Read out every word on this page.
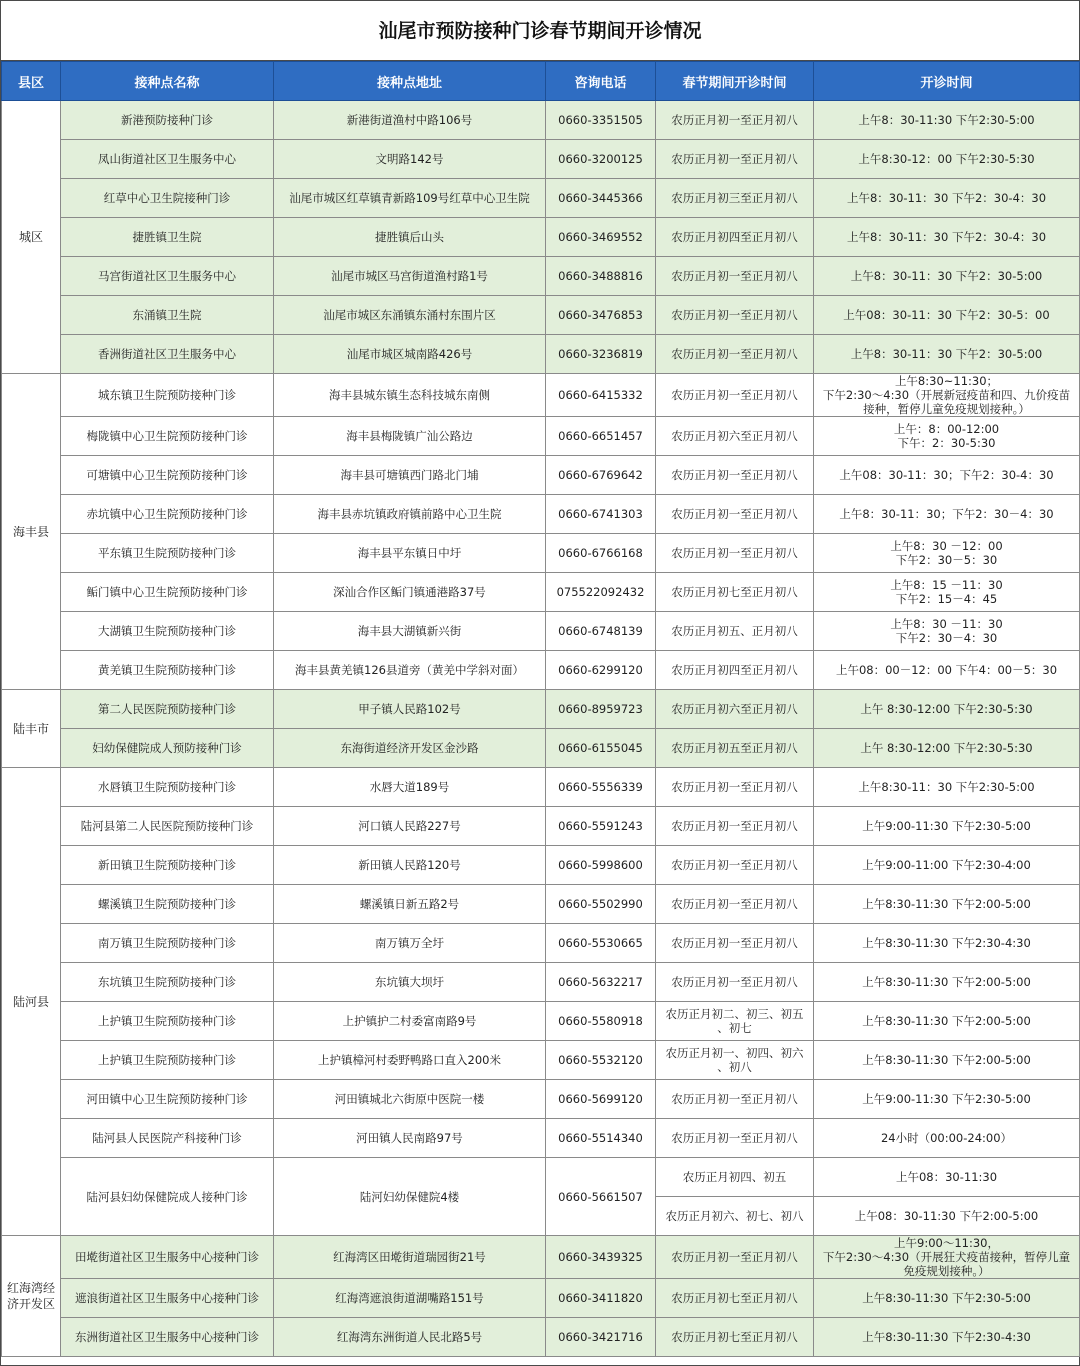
汕尾市预防接种门诊春节期间开诊情况
县区	接种点名称	接种点地址	咨询电话	春节期间开诊时间	开诊时间
城区	新港预防接种门诊	新港街道渔村中路106号	0660-3351505	农历正月初一至正月初八	上午8：30-11:30 下午2:30-5:00
	凤山街道社区卫生服务中心	文明路142号	0660-3200125	农历正月初一至正月初八	上午8:30-12：00 下午2:30-5:30
	红草中心卫生院接种门诊	汕尾市城区红草镇青新路109号红草中心卫生院	0660-3445366	农历正月初三至正月初八	上午8：30-11：30 下午2：30-4：30
	捷胜镇卫生院	捷胜镇后山头	0660-3469552	农历正月初四至正月初八	上午8：30-11：30 下午2：30-4：30
	马宫街道社区卫生服务中心	汕尾市城区马宫街道渔村路1号	0660-3488816	农历正月初一至正月初八	上午8：30-11：30 下午2：30-5:00
	东涌镇卫生院	汕尾市城区东涌镇东涌村东围片区	0660-3476853	农历正月初一至正月初八	上午08：30-11：30 下午2：30-5：00
	香洲街道社区卫生服务中心	汕尾市城区城南路426号	0660-3236819	农历正月初一至正月初八	上午8：30-11：30 下午2：30-5:00
海丰县	城东镇卫生院预防接种门诊	海丰县城东镇生态科技城东南侧	0660-6415332	农历正月初一至正月初八	上午8:30~11:30；
下午2:30～4:30（开展新冠疫苗和四、九价疫苗
接种，暂停儿童免疫规划接种。）

	梅陇镇中心卫生院预防接种门诊	海丰县梅陇镇广汕公路边	0660-6651457	农历正月初六至正月初八	上午：8：00-12:00
下午：2：30-5:30

	可塘镇中心卫生院预防接种门诊	海丰县可塘镇西门路北门埔	0660-6769642	农历正月初一至正月初八	上午08：30-11：30；下午2：30-4：30
	赤坑镇中心卫生院预防接种门诊	海丰县赤坑镇政府镇前路中心卫生院	0660-6741303	农历正月初一至正月初八	上午8：30-11：30；下午2：30－4：30
	平东镇卫生院预防接种门诊	海丰县平东镇日中圩	0660-6766168	农历正月初一至正月初八	上午8：30 －12：00
下午2：30－5：30

	鲘门镇中心卫生院预防接种门诊	深汕合作区鲘门镇通港路37号	075522092432	农历正月初七至正月初八	上午8：15 －11：30
下午2：15－4：45

	大湖镇卫生院预防接种门诊	海丰县大湖镇新兴街	0660-6748139	农历正月初五、正月初八	上午8：30 －11：30
下午2：30－4：30

	黄羌镇卫生院预防接种门诊	海丰县黄羌镇126县道旁（黄羌中学斜对面）	0660-6299120	农历正月初四至正月初八	上午08：00－12：00 下午4：00－5：30
陆丰市	第二人民医院预防接种门诊	甲子镇人民路102号	0660-8959723	农历正月初六至正月初八	上午 8:30-12:00 下午2:30-5:30
	妇幼保健院成人预防接种门诊	东海街道经济开发区金沙路	0660-6155045	农历正月初五至正月初八	上午 8:30-12:00 下午2:30-5:30
陆河县	水唇镇卫生院预防接种门诊	水唇大道189号	0660-5556339	农历正月初一至正月初八	上午8:30-11：30 下午2:30-5:00
	陆河县第二人民医院预防接种门诊	河口镇人民路227号	0660-5591243	农历正月初一至正月初八	上午9:00-11:30 下午2:30-5:00
	新田镇卫生院预防接种门诊	新田镇人民路120号	0660-5998600	农历正月初一至正月初八	上午9:00-11:00 下午2:30-4:00
	螺溪镇卫生院预防接种门诊	螺溪镇日新五路2号	0660-5502990	农历正月初一至正月初八	上午8:30-11:30 下午2:00-5:00
	南万镇卫生院预防接种门诊	南万镇万全圩	0660-5530665	农历正月初一至正月初八	上午8:30-11:30 下午2:30-4:30
	东坑镇卫生院预防接种门诊	东坑镇大坝圩	0660-5632217	农历正月初一至正月初八	上午8:30-11:30 下午2:00-5:00
	上护镇卫生院预防接种门诊	上护镇护二村委富南路9号	0660-5580918	农历正月初二、初三、初五
、初七	上午8:30-11:30 下午2:00-5:00
	上护镇卫生院预防接种门诊	上护镇樟河村委野鸭路口直入200米	0660-5532120	农历正月初一、初四、初六
、初八	上午8:30-11:30 下午2:00-5:00
	河田镇中心卫生院预防接种门诊	河田镇城北六街原中医院一楼	0660-5699120	农历正月初一至正月初八	上午9:00-11:30 下午2:30-5:00
	陆河县人民医院产科接种门诊	河田镇人民南路97号	0660-5514340	农历正月初一至正月初八	24小时（00:00-24:00）
	陆河县妇幼保健院成人接种门诊	陆河妇幼保健院4楼	0660-5661507	农历正月初四、初五	上午08：30-11:30
				农历正月初六、初七、初八	上午08：30-11:30 下午2:00-5:00

红海湾经
济开发区	田墘街道社区卫生服务中心接种门诊	红海湾区田墘街道瑞园街21号	0660-3439325	农历正月初一至正月初八	上午9:00～11:30，
下午2:30～4:30（开展狂犬疫苗接种，暂停儿童
免疫规划接种。）

	遮浪街道社区卫生服务中心接种门诊	红海湾遮浪街道湖嘴路151号	0660-3411820	农历正月初七至正月初八	上午8:30-11:30 下午2:30-5:00
	东洲街道社区卫生服务中心接种门诊	红海湾东洲街道人民北路5号	0660-3421716	农历正月初七至正月初八	上午8:30-11:30 下午2:30-4:30
